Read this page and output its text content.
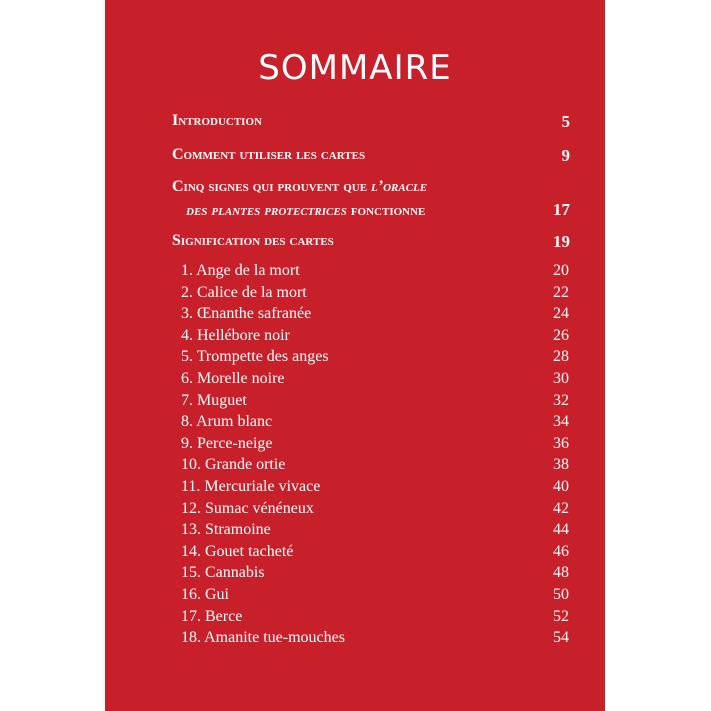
SOMMAIRE
Introduction	5
Comment utiliser les cartes	9
Cinq signes qui prouvent que l’oracle
des plantes protectrices fonctionne	17
Signification des cartes	19
1. Ange de la mort	20
2. Calice de la mort	22
3. Œnanthe safranée	24
4. Hellébore noir	26
5. Trompette des anges	28
6. Morelle noire	30
7. Muguet	32
8. Arum blanc	34
9. Perce-neige	36
10. Grande ortie	38
11. Mercuriale vivace	40
12. Sumac vénéneux	42
13. Stramoine	44
14. Gouet tacheté	46
15. Cannabis	48
16. Gui	50
17. Berce	52
18. Amanite tue-mouches	54
